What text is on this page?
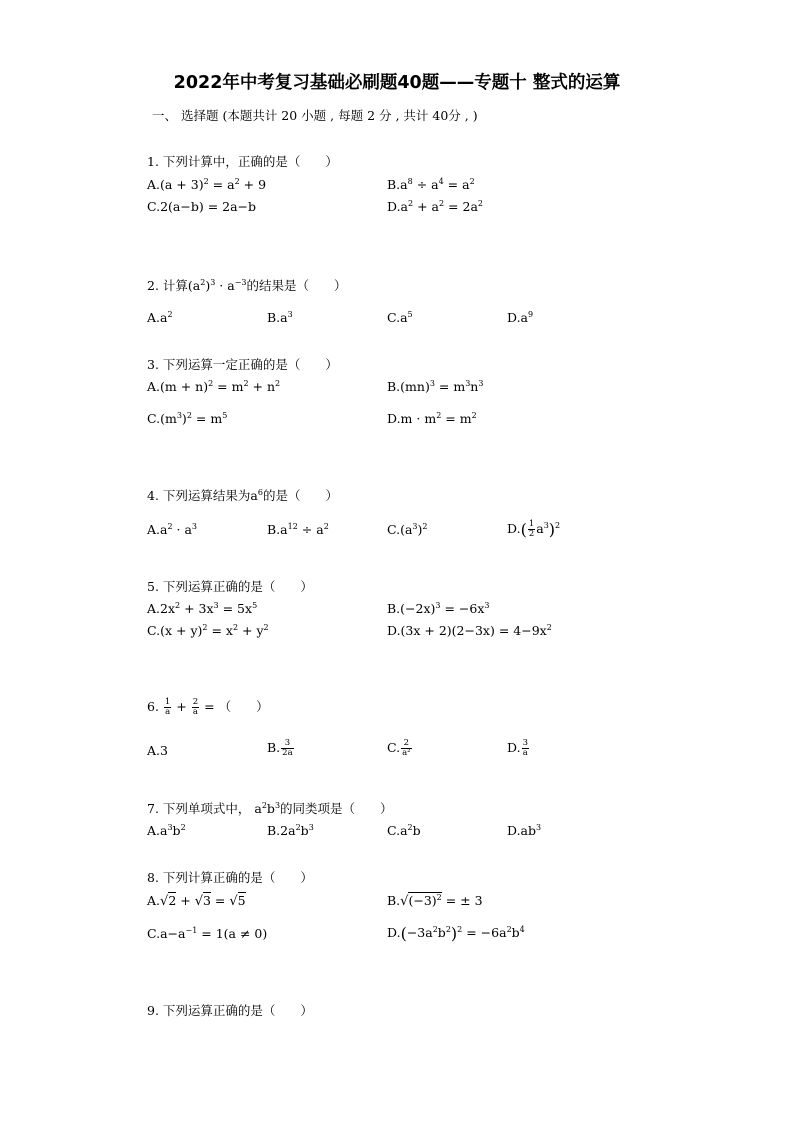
2022年中考复习基础必刷题40题——专题十 整式的运算
一、 选择题 (本题共计 20 小题 , 每题 2 分 , 共计 40分 , )
1. 下列计算中，正确的是（　　）
$A.(a + 3)^2 = a^2 + 9$	$B.a^8 \div a^4 = a^2$
C.2(a−b) = 2a−b	$D.a^2 + a^2 = 2a^2$
2. 计算$(a^2)^3 \cdot a^{-3}$的结果是（　　）
$A.a^2$	$B.a^3$	$C.a^5$	$D.a^9$
3. 下列运算一定正确的是（　　）
$A.(m + n)^2 = m^2 + n^2$	$B.(mn)^3 = m^3n^3$
$C.(m^3)^2 = m^5$	$D.m \cdot m^2 = m^2$
4. 下列运算结果为$a^6$的是（　　）
$A.a^2 \cdot a^3$	$B.a^{12} \div a^2$	$C.(a^3)^2$	$D.( \frac{1}{2} a^3)^2$
5. 下列运算正确的是（　　）
$A.2x^2 + 3x^3 = 5x^5$	$B.(-2x)^3 = -6x^3$
$C.(x + y)^2 = x^2 + y^2$	$D.(3x + 2)(2-3x) = 4-9x^2$
6. $\frac{1}{a} + \frac{2}{a}$ = （　　）
A.3	B. $\frac{3}{2a}$	C. $\frac{2}{\text{a²}}$	D. $\frac{3}{a}$
7. 下列单项式中， $a^2b^3$的同类项是（　　）
$A.a^3b^2$	$B.2a^2b^3$	$C.a^2b$	$D.ab^3$
8. 下列计算正确的是（　　）
A.√2 + √3 = √5	$B.√(-3)^2$ = ± 3
$C.a-a^{-1} = 1(a \ne 0)$	$D.(-3a^2b^2)^2 = -6a^2b^4$
9. 下列运算正确的是（　　）
